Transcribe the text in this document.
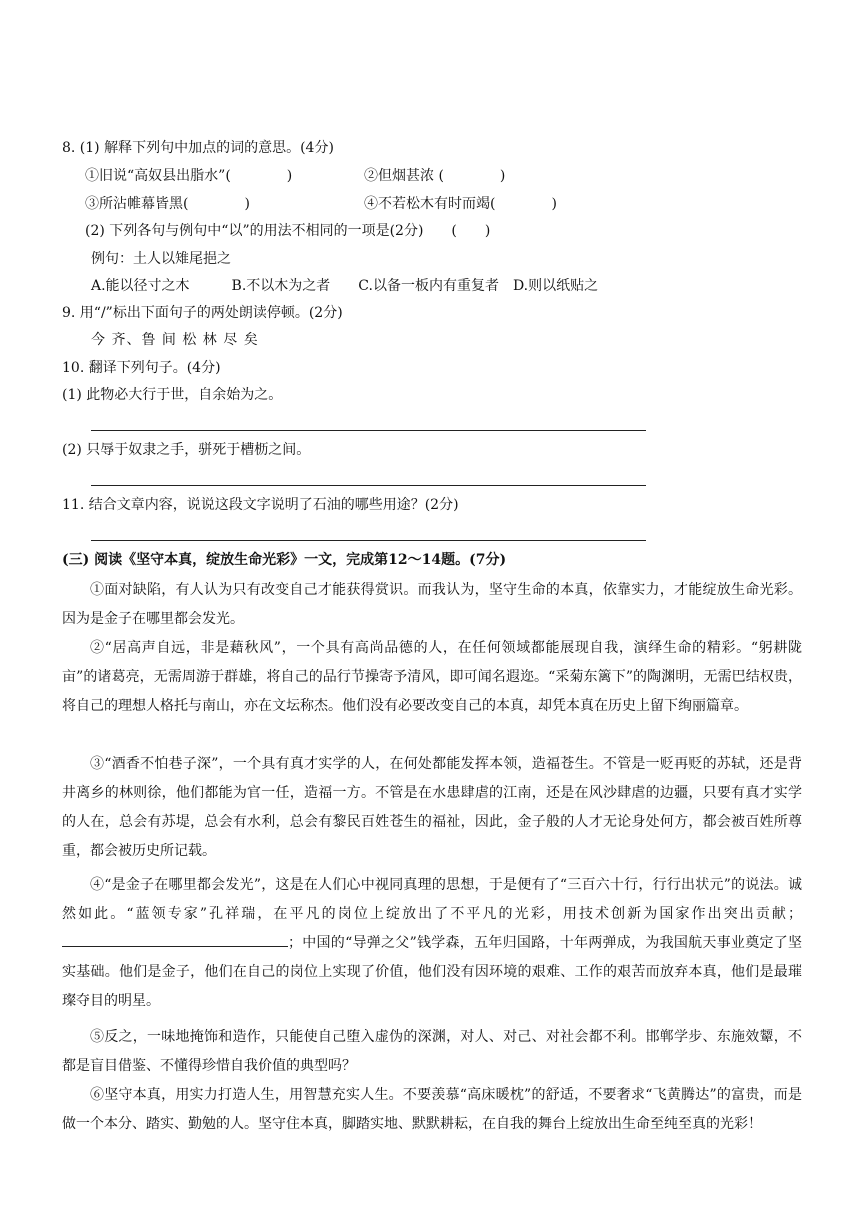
8. (1) 解释下列句中加点的词的意思。(4分)
①旧说“高奴县出脂水”(　　　　)	②但烟甚浓 (　　　　)
③所沾帷幕皆黑(　　　　)	④不若松木有时而竭(　　　　)
(2) 下列各句与例句中“以”的用法不相同的一项是(2分)　　(　　)
例句：土人以雉尾挹之
A.能以径寸之木　　　B.不以木为之者　　C.以备一板内有重复者　D.则以纸贴之
9. 用“/”标出下面句子的两处朗读停顿。(2分)
今 齐、鲁 间 松 林 尽 矣
10. 翻译下列句子。(4分)
(1) 此物必大行于世，自余始为之。
(2) 只辱于奴隶之手，骈死于槽枥之间。
11. 结合文章内容，说说这段文字说明了石油的哪些用途？(2分)
(三) 阅读《坚守本真，绽放生命光彩》一文，完成第12～14题。(7分)
①面对缺陷，有人认为只有改变自己才能获得赏识。而我认为，坚守生命的本真，依靠实力，才能绽放生命光彩。因为是金子在哪里都会发光。
②“居高声自远，非是藉秋风”，一个具有高尚品德的人，在任何领域都能展现自我，演绎生命的精彩。“躬耕陇亩”的诸葛亮，无需周游于群雄，将自己的品行节操寄予清风，即可闻名遐迩。“采菊东篱下”的陶渊明，无需巴结权贵，将自己的理想人格托与南山，亦在文坛称杰。他们没有必要改变自己的本真，却凭本真在历史上留下绚丽篇章。
③“酒香不怕巷子深”，一个具有真才实学的人，在何处都能发挥本领，造福苍生。不管是一贬再贬的苏轼，还是背井离乡的林则徐，他们都能为官一任，造福一方。不管是在水患肆虐的江南，还是在风沙肆虐的边疆，只要有真才实学的人在，总会有苏堤，总会有水利，总会有黎民百姓苍生的福祉，因此，金子般的人才无论身处何方，都会被百姓所尊　重，都会被历史所记载。
④“是金子在哪里都会发光”，这是在人们心中视同真理的思想，于是便有了“三百六十行，行行出状元”的说法。诚然如此。“蓝领专家”孔祥瑞，在平凡的岗位上绽放出了不平凡的光彩，用技术创新为国家作出突出贡献；；中国的“导弹之父”钱学森，五年归国路，十年两弹成，为我国航天事业奠定了坚实基础。他们是金子，他们在自己的岗位上实现了价值，他们没有因环境的艰难、工作的艰苦而放弃本真，他们是最璀璨夺目的明星。
⑤反之，一味地掩饰和造作，只能使自己堕入虚伪的深渊，对人、对己、对社会都不利。邯郸学步、东施效颦，不都是盲目借鉴、不懂得珍惜自我价值的典型吗？
⑥坚守本真，用实力打造人生，用智慧充实人生。不要羡慕“高床暖枕”的舒适，不要奢求“飞黄腾达”的富贵，而是做一个本分、踏实、勤勉的人。坚守住本真，脚踏实地、默默耕耘，在自我的舞台上绽放出生命至纯至真的光彩！
